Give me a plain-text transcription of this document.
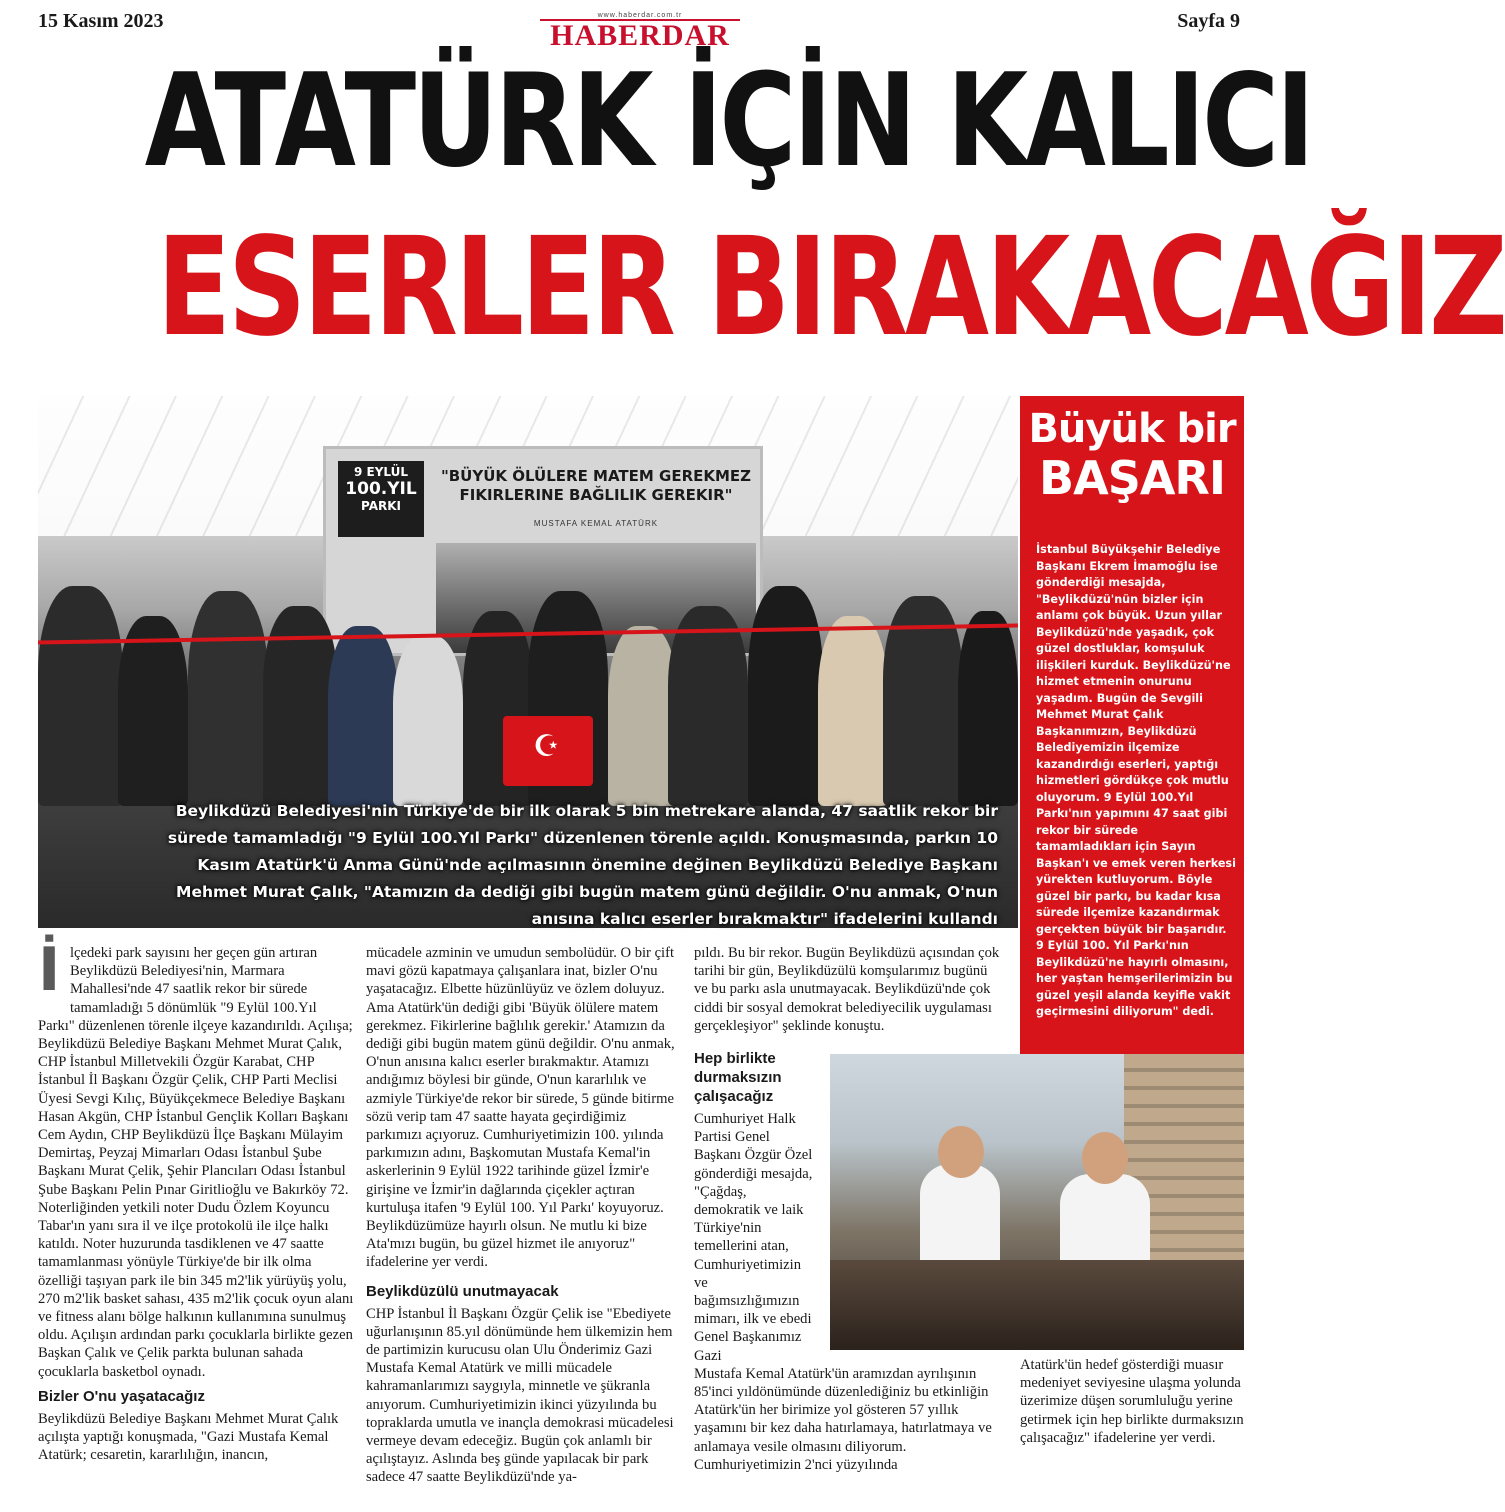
15 Kasım 2023	www.haberdar.com.tr
HABERDAR	Sayfa 9
ATATÜRK İÇİN KALICI
ESERLER BIRAKACAĞIZ
9 EYLÜL
100.YIL
PARKI
"BÜYÜK ÖLÜLERE MATEM GEREKMEZ FIKIRLERINE BAĞLILIK GEREKIR"
MUSTAFA KEMAL ATATÜRK
☪
Beylikdüzü Belediyesi'nin Türkiye'de bir ilk olarak 5 bin metrekare alanda, 47 saatlik rekor bir sürede tamamladığı "9 Eylül 100.Yıl Parkı" düzenlenen törenle açıldı. Konuşmasında, parkın 10 Kasım Atatürk'ü Anma Günü'nde açılmasının önemine değinen Beylikdüzü Belediye Başkanı Mehmet Murat Çalık, "Atamızın da dediği gibi bugün matem günü değildir. O'nu anmak, O'nun anısına kalıcı eserler bırakmaktır" ifadelerini kullandı
Büyük bir
BAŞARI
İstanbul Büyükşehir Belediye Başkanı Ekrem İmamoğlu ise gönderdiği mesajda, "Beylikdüzü'nün bizler için anlamı çok büyük. Uzun yıllar Beylikdüzü'nde yaşadık, çok güzel dostluklar, komşuluk ilişkileri kurduk. Beylikdüzü'ne hizmet etmenin onurunu yaşadım. Bugün de Sevgili Mehmet Murat Çalık Başkanımızın, Beylikdüzü Belediyemizin ilçemize kazandırdığı eserleri, yaptığı hizmetleri gördükçe çok mutlu oluyorum. 9 Eylül 100.Yıl Parkı'nın yapımını 47 saat gibi rekor bir sürede tamamladıkları için Sayın Başkan'ı ve emek veren herkesi yürekten kutluyorum. Böyle güzel bir parkı, bu kadar kısa sürede ilçemize kazandırmak gerçekten büyük bir başarıdır. 9 Eylül 100. Yıl Parkı'nın Beylikdüzü'ne hayırlı olmasını, her yaştan hemşerilerimizin bu güzel yeşil alanda keyifle vakit geçirmesini diliyorum" dedi.
İ lçedeki park sayısını her geçen gün artıran Beylikdüzü Belediyesi'nin, Marmara Mahallesi'nde 47 saatlik rekor bir sürede tamamladığı 5 dönümlük "9 Eylül 100.Yıl Parkı" düzenlenen törenle ilçeye kazandırıldı. Açılışa; Beylikdüzü Belediye Başkanı Mehmet Murat Çalık, CHP İstanbul Milletvekili Özgür Karabat, CHP İstanbul İl Başkanı Özgür Çelik, CHP Parti Meclisi Üyesi Sevgi Kılıç, Büyükçekmece Belediye Başkanı Hasan Akgün, CHP İstanbul Gençlik Kolları Başkanı Cem Aydın, CHP Beylikdüzü İlçe Başkanı Mülayim Demirtaş, Peyzaj Mimarları Odası İstanbul Şube Başkanı Murat Çelik, Şehir Plancıları Odası İstanbul Şube Başkanı Pelin Pınar Giritlioğlu ve Bakırköy 72. Noterliğinden yetkili noter Dudu Özlem Koyuncu Tabar'ın yanı sıra il ve ilçe protokolü ile ilçe halkı katıldı. Noter huzurunda tasdiklenen ve 47 saatte tamamlanması yönüyle Türkiye'de bir ilk olma özelliği taşıyan park ile bin 345 m2'lik yürüyüş yolu, 270 m2'lik basket sahası, 435 m2'lik çocuk oyun alanı ve fitness alanı bölge halkının kullanımına sunulmuş oldu. Açılışın ardından parkı çocuklarla birlikte gezen Başkan Çalık ve Çelik parkta bulunan sahada çocuklarla basketbol oynadı.
Bizler O'nu yaşatacağız
Beylikdüzü Belediye Başkanı Mehmet Murat Çalık açılışta yaptığı konuşmada, "Gazi Mustafa Kemal Atatürk; cesaretin, kararlılığın, inancın,
mücadele azminin ve umudun sembolüdür. O bir çift mavi gözü kapatmaya çalışanlara inat, bizler O'nu yaşatacağız. Elbette hüzünlüyüz ve özlem doluyuz. Ama Atatürk'ün dediği gibi 'Büyük ölülere matem gerekmez. Fikirlerine bağlılık gerekir.' Atamızın da dediği gibi bugün matem günü değildir. O'nu anmak, O'nun anısına kalıcı eserler bırakmaktır. Atamızı andığımız böylesi bir günde, O'nun kararlılık ve azmiyle Türkiye'de rekor bir sürede, 5 günde bitirme sözü verip tam 47 saatte hayata geçirdiğimiz parkımızı açıyoruz. Cumhuriyetimizin 100. yılında parkımızın adını, Başkomutan Mustafa Kemal'in askerlerinin 9 Eylül 1922 tarihinde güzel İzmir'e girişine ve İzmir'in dağlarında çiçekler açtıran kurtuluşa itafen '9 Eylül 100. Yıl Parkı' koyuyoruz. Beylikdüzümüze hayırlı olsun. Ne mutlu ki bize Ata'mızı bugün, bu güzel hizmet ile anıyoruz" ifadelerine yer verdi.
Beylikdüzülü unutmayacak
CHP İstanbul İl Başkanı Özgür Çelik ise "Ebediyete uğurlanışının 85.yıl dönümünde hem ülkemizin hem de partimizin kurucusu olan Ulu Önderimiz Gazi Mustafa Kemal Atatürk ve milli mücadele kahramanlarımızı saygıyla, minnetle ve şükranla anıyorum. Cumhuriyetimizin ikinci yüzyılında bu topraklarda umutla ve inançla demokrasi mücadelesi vermeye devam edeceğiz. Bugün çok anlamlı bir açılıştayız. Aslında beş günde yapılacak bir park sadece 47 saatte Beylikdüzü'nde ya-

pıldı. Bu bir rekor. Bugün Beylikdüzü açısından çok tarihi bir gün, Beylikdüzülü komşularımız bugünü ve bu parkı asla unutmayacak. Beylikdüzü'nde çok ciddi bir sosyal demokrat belediyecilik uygulaması gerçekleşiyor" şeklinde konuştu.

Hep birlikte durmaksızın çalışacağız

Cumhuriyet Halk Partisi Genel Başkanı Özgür Özel gönderdiği mesajda, "Çağdaş, demokratik ve laik Türkiye'nin temellerini atan, Cumhuriyetimizin ve bağımsızlığımızın mimarı, ilk ve ebedi Genel Başkanımız Gazi

Mustafa Kemal Atatürk'ün aramızdan ayrılışının 85'inci yıldönümünde düzenlediğiniz bu etkinliğin Atatürk'ün her birimize yol gösteren 57 yıllık yaşamını bir kez daha hatırlamaya, hatırlatmaya ve anlamaya vesile olmasını diliyorum. Cumhuriyetimizin 2'nci yüzyılında

Atatürk'ün hedef gösterdiği muasır medeniyet seviyesine ulaşma yolunda üzerimize düşen sorumluluğu yerine getirmek için hep birlikte durmaksızın çalışacağız" ifadelerine yer verdi.
